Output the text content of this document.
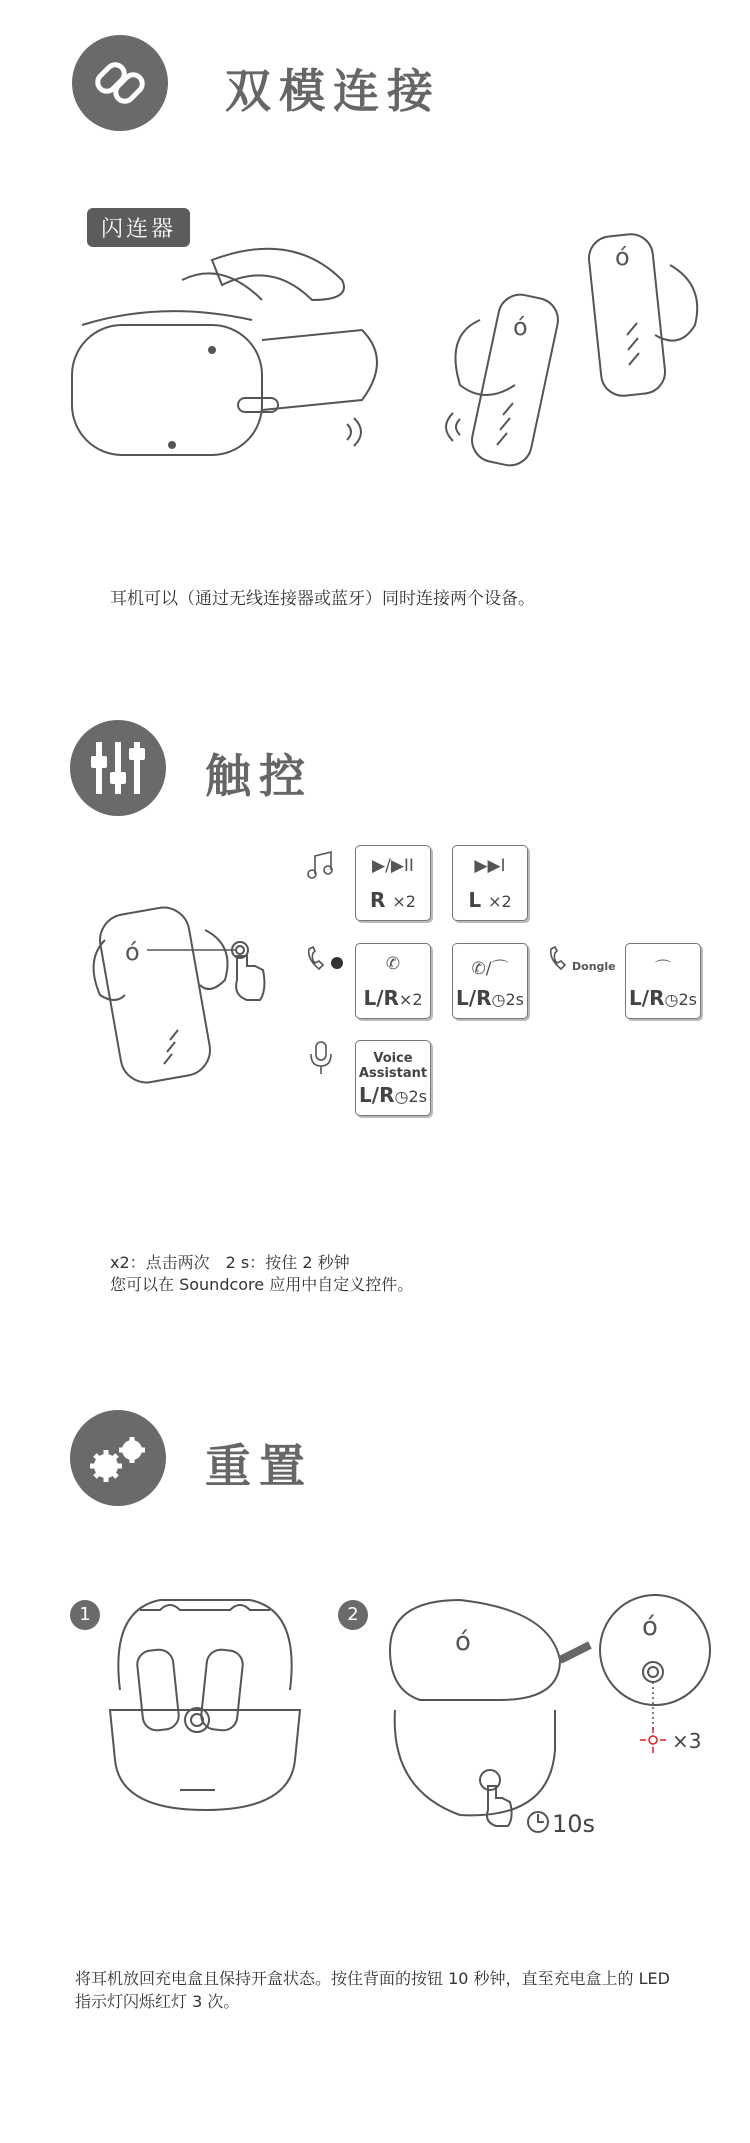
双模连接
闪连器
ό
ό
耳机可以（通过无线连接器或蓝牙）同时连接两个设备。
触控
ό
Dongle
▶/▶II
R ×2
▶▶I
L ×2
✆
L/R×2
✆/⌒
L/R◷2s
⌒
L/R◷2s
Voice
Assistant
L/R◷2s
x2：点击两次　2 s：按住 2 秒钟
您可以在 Soundcore 应用中自定义控件。
重置
1	2
ό	ό
×3
10s
将耳机放回充电盒且保持开盒状态。按住背面的按钮 10 秒钟，直至充电盒上的 LED
指示灯闪烁红灯 3 次。
